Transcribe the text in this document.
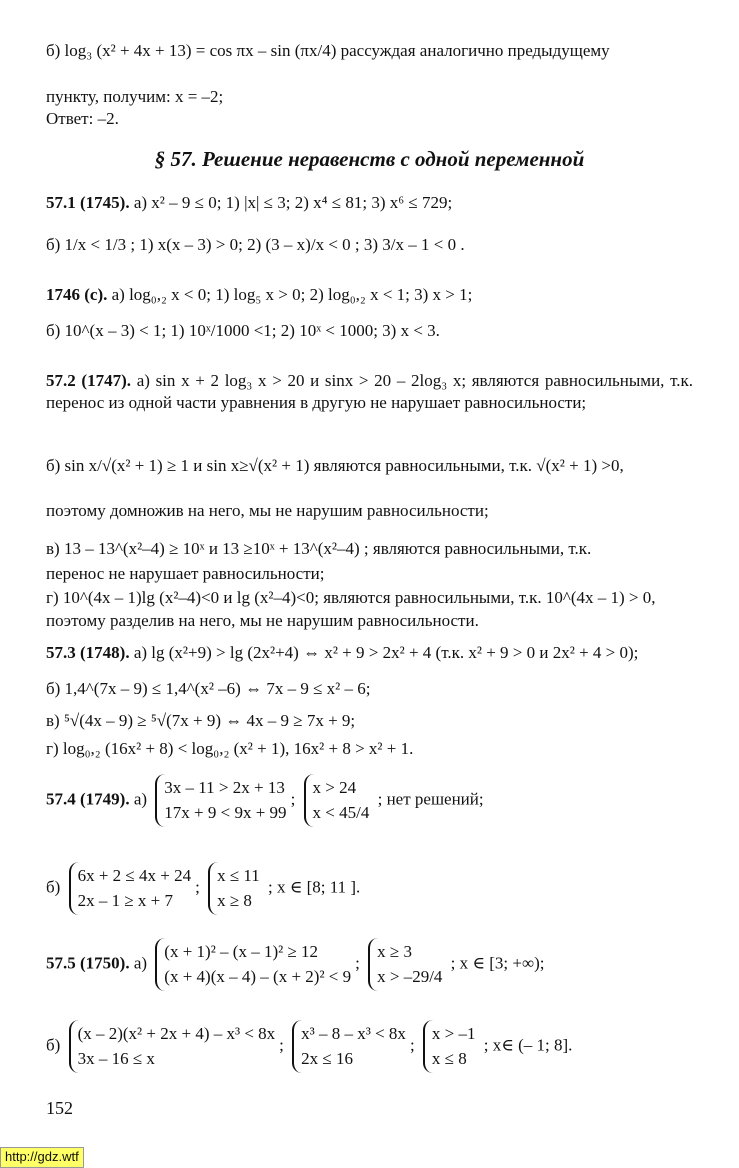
б) log₃ (x² + 4x + 13) = cos πx – sin (πx/4) рассуждая аналогично предыдущему
пункту, получим: x = –2;
Ответ: –2.
§ 57. Решение неравенств с одной переменной
57.1 (1745). а) x² – 9 ≤ 0; 1) |x| ≤ 3; 2) x⁴ ≤ 81; 3) x⁶ ≤ 729;
б) 1/x < 1/3 ; 1) x(x – 3) > 0; 2) (3 – x)/x < 0 ; 3) 3/x – 1 < 0 .
1746 (с). а) log₀,₂ x < 0; 1) log₅ x > 0; 2) log₀,₂ x < 1; 3) x > 1;
б) 10^(x – 3) < 1; 1) 10ˣ/1000 <1; 2) 10ˣ < 1000; 3) x < 3.
57.2 (1747). а) sin x + 2 log₃ x > 20 и sinx > 20 – 2log₃ x; являются равносильными, т.к. перенос из одной части уравнения в другую не нарушает равносильности;
б) sin x/√(x² + 1) ≥ 1 и sin x≥√(x² + 1) являются равносильными, т.к. √(x² + 1) >0,
поэтому домножив на него, мы не нарушим равносильности;
в) 13 – 13^(x²–4) ≥ 10ˣ и 13 ≥10ˣ + 13^(x²–4) ; являются равносильными, т.к.
перенос не нарушает равносильности;
г) 10^(4x – 1)lg (x²–4)<0 и lg (x²–4)<0; являются равносильными, т.к. 10^(4x – 1) > 0,
поэтому разделив на него, мы не нарушим равносильности.
57.3 (1748). а) lg (x²+9) > lg (2x²+4) ⇔ x² + 9 > 2x² + 4 (т.к. x² + 9 > 0 и 2x² + 4 > 0);
б) 1,4^(7x – 9) ≤ 1,4^(x² –6) ⇔ 7x – 9 ≤ x² – 6;
в) ⁵√(4x – 9) ≥ ⁵√(7x + 9) ⇔ 4x – 9 ≥ 7x + 9;
г) log₀,₂ (16x² + 8) < log₀,₂ (x² + 1), 16x² + 8 > x² + 1.
57.4 (1749). а)
3x – 11 > 2x + 13
17x + 9 < 9x + 99
;
x > 24
x < 45/4
; нет решений;
б)
6x + 2 ≤ 4x + 24
2x – 1 ≥ x + 7
;
x ≤ 11
x ≥ 8
; x ∈ [8; 11 ].
57.5 (1750). а)
(x + 1)² – (x – 1)² ≥ 12
(x + 4)(x – 4) – (x + 2)² < 9
;
x ≥ 3
x > –29/4
; x ∈ [3; +∞);
б)
(x – 2)(x² + 2x + 4) – x³ < 8x
3x – 16 ≤ x
;
x³ – 8 – x³ < 8x
2x ≤ 16
;
x > –1
x ≤ 8
; x∈ (– 1; 8].
152
http://gdz.wtf
